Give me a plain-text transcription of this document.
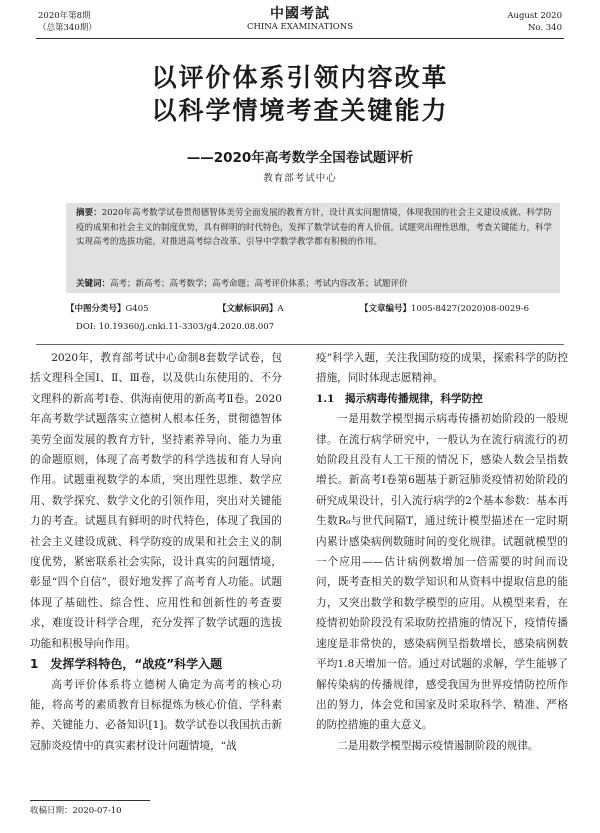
2020年第8期
（总第340期）
中國考試
CHINA EXAMINATIONS
August 2020
No. 340
以评价体系引领内容改革
以科学情境考查关键能力
——2020年高考数学全国卷试题评析
教育部考试中心
摘要：2020年高考数学试卷贯彻德智体美劳全面发展的教育方针，设计真实问题情境，体现我国的社会主义建设成就、科学防疫的成果和社会主义的制度优势，具有鲜明的时代特色，发挥了数学试卷的育人价值。试题突出理性思维，考查关键能力，科学实现高考的选拔功能，对推进高考综合改革、引导中学数学教学都有积极的作用。
关键词：高考；新高考；高考数学；高考命题；高考评价体系；考试内容改革；试题评价
【中图分类号】G405	【文献标识码】A	【文章编号】1005-8427(2020)08-0029-6
DOI: 10.19360/j.cnki.11-3303/g4.2020.08.007

2020年，教育部考试中心命制8套数学试卷，包括文理科全国Ⅰ、Ⅱ、Ⅲ卷，以及供山东使用的、不分文理科的新高考Ⅰ卷、供海南使用的新高考Ⅱ卷。2020年高考数学试题落实立德树人根本任务，贯彻德智体美劳全面发展的教育方针，坚持素养导向、能力为重的命题原则，体现了高考数学的科学选拔和育人导向作用。试题重视数学的本质，突出理性思维、数学应用、数学探究、数学文化的引领作用，突出对关键能力的考查。试题具有鲜明的时代特色，体现了我国的社会主义建设成就、科学防疫的成果和社会主义的制度优势，紧密联系社会实际，设计真实的问题情境，彰显“四个自信”，很好地发挥了高考育人功能。试题体现了基础性、综合性、应用性和创新性的考查要求，难度设计科学合理，充分发挥了数学试题的选拔功能和积极导向作用。

1　发挥学科特色，“战疫”科学入题

高考评价体系将立德树人确定为高考的核心功能，将高考的素质教育目标提炼为核心价值、学科素养、关键能力、必备知识[1]。数学试卷以我国抗击新冠肺炎疫情中的真实素材设计问题情境，“战

疫”科学入题，关注我国防疫的成果，探索科学的防控措施，同时体现志愿精神。

1.1　揭示病毒传播规律，科学防控

一是用数学模型揭示病毒传播初始阶段的一般规律。在流行病学研究中，一般认为在流行病流行的初始阶段且没有人工干预的情况下，感染人数会呈指数增长。新高考Ⅰ卷第6题基于新冠肺炎疫情初始阶段的研究成果设计，引入流行病学的2个基本参数：基本再生数R₀与世代间隔T，通过统计模型描述在一定时期内累计感染病例数随时间的变化规律。试题就模型的一个应用——估计病例数增加一倍需要的时间而设问，既考查相关的数学知识和从资料中提取信息的能力，又突出数学和数学模型的应用。从模型来看，在疫情初始阶段没有采取防控措施的情况下，疫情传播速度是非常快的，感染病例呈指数增长，感染病例数平均1.8天增加一倍。通过对试题的求解，学生能够了解传染病的传播规律，感受我国为世界疫情防控所作出的努力，体会党和国家及时采取科学、精准、严格的防控措施的重大意义。

二是用数学模型揭示疫情遏制阶段的规律。

收稿日期：2020-07-10
